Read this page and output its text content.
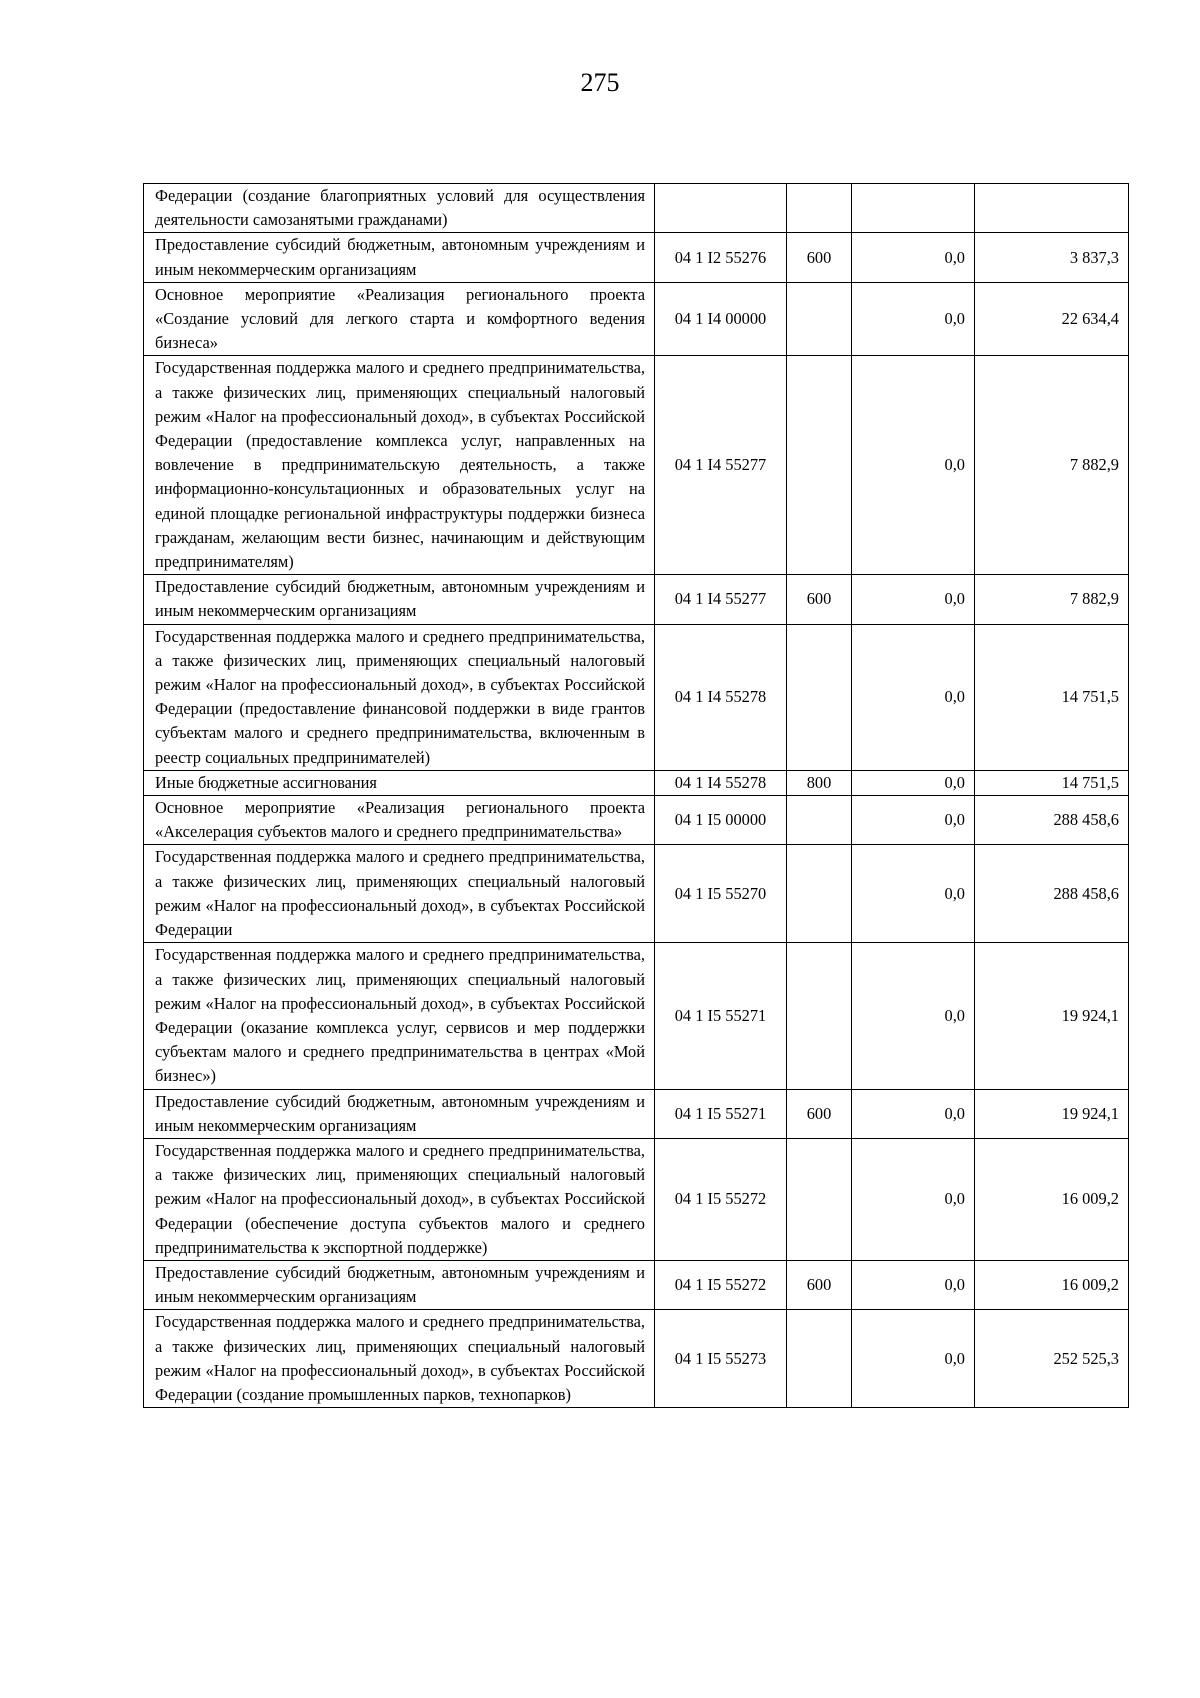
275
Федерации (создание благоприятных условий для осуществления деятельности самозанятыми гражданами)				
Предоставление субсидий бюджетным, автономным учреждениям и иным некоммерческим организациям	04 1 I2 55276	600	0,0	3 837,3
Основное мероприятие «Реализация регионального проекта «Создание условий для легкого старта и комфортного ведения бизнеса»	04 1 I4 00000		0,0	22 634,4
Государственная поддержка малого и среднего предпринимательства, а также физических лиц, применяющих специальный налоговый режим «Налог на профессиональный доход», в субъектах Российской Федерации (предоставление комплекса услуг, направленных на вовлечение в предпринимательскую деятельность, а также информационно-консультационных и образовательных услуг на единой площадке региональной инфраструктуры поддержки бизнеса гражданам, желающим вести бизнес, начинающим и действующим предпринимателям)	04 1 I4 55277		0,0	7 882,9
Предоставление субсидий бюджетным, автономным учреждениям и иным некоммерческим организациям	04 1 I4 55277	600	0,0	7 882,9
Государственная поддержка малого и среднего предпринимательства, а также физических лиц, применяющих специальный налоговый режим «Налог на профессиональный доход», в субъектах Российской Федерации (предоставление финансовой поддержки в виде грантов субъектам малого и среднего предпринимательства, включенным в реестр социальных предпринимателей)	04 1 I4 55278		0,0	14 751,5
Иные бюджетные ассигнования	04 1 I4 55278	800	0,0	14 751,5
Основное мероприятие «Реализация регионального проекта «Акселерация субъектов малого и среднего предпринимательства»	04 1 I5 00000		0,0	288 458,6
Государственная поддержка малого и среднего предпринимательства, а также физических лиц, применяющих специальный налоговый режим «Налог на профессиональный доход», в субъектах Российской Федерации	04 1 I5 55270		0,0	288 458,6
Государственная поддержка малого и среднего предпринимательства, а также физических лиц, применяющих специальный налоговый режим «Налог на профессиональный доход», в субъектах Российской Федерации (оказание комплекса услуг, сервисов и мер поддержки субъектам малого и среднего предпринимательства в центрах «Мой бизнес»)	04 1 I5 55271		0,0	19 924,1
Предоставление субсидий бюджетным, автономным учреждениям и иным некоммерческим организациям	04 1 I5 55271	600	0,0	19 924,1
Государственная поддержка малого и среднего предпринимательства, а также физических лиц, применяющих специальный налоговый режим «Налог на профессиональный доход», в субъектах Российской Федерации (обеспечение доступа субъектов малого и среднего предпринимательства к экспортной поддержке)	04 1 I5 55272		0,0	16 009,2
Предоставление субсидий бюджетным, автономным учреждениям и иным некоммерческим организациям	04 1 I5 55272	600	0,0	16 009,2
Государственная поддержка малого и среднего предпринимательства, а также физических лиц, применяющих специальный налоговый режим «Налог на профессиональный доход», в субъектах Российской Федерации (создание промышленных парков, технопарков)	04 1 I5 55273		0,0	252 525,3
